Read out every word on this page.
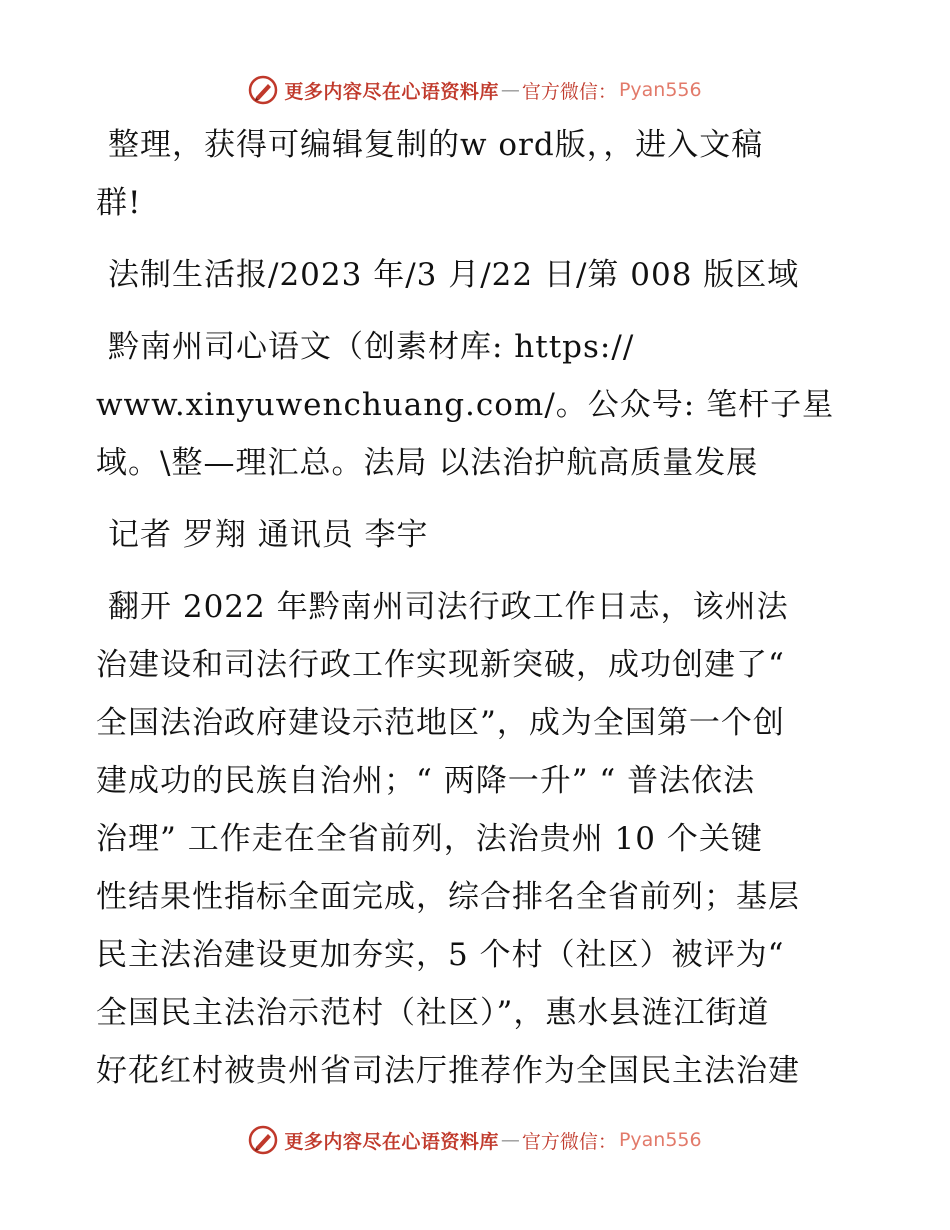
更多内容尽在心语资料库 — 官方微信： Pyan556
整理，获得可编辑复制的w ord版，，进入文稿
群!
法制生活报/2023 年/3 月/22 日/第 008 版区域
黔南州司心语文（创素材库: https://
www.xinyuwenchuang.com/。公众号: 笔杆子星
域。\整—理汇总。法局 以法治护航高质量发展
记者 罗翔 通讯员 李宇
翻开 2022 年黔南州司法行政工作日志，该州法
治建设和司法行政工作实现新突破，成功创建了“
全国法治政府建设示范地区”，成为全国第一个创
建成功的民族自治州；“ 两降一升” “ 普法依法
治理” 工作走在全省前列，法治贵州 10 个关键
性结果性指标全面完成，综合排名全省前列；基层
民主法治建设更加夯实，5 个村（社区）被评为“
全国民主法治示范村（社区）”，惠水县涟江街道
好花红村被贵州省司法厅推荐作为全国民主法治建
更多内容尽在心语资料库 — 官方微信： Pyan556
